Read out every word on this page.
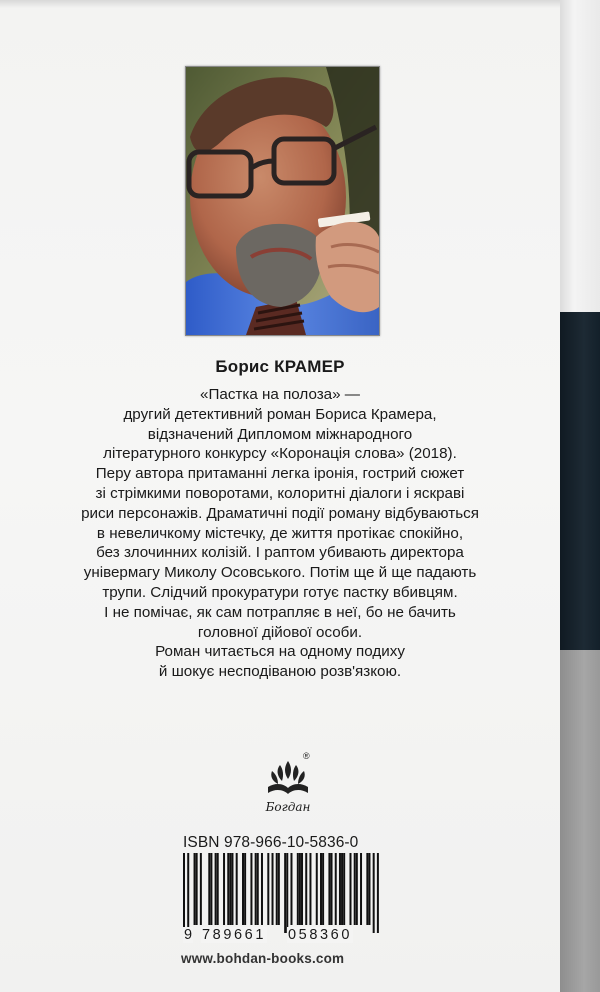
Борис КРАМЕР
«Пастка на полоза» —
другий детективний роман Бориса Крамера,
відзначений Дипломом міжнародного
літературного конкурсу «Коронація слова» (2018).
Перу автора притаманні легка іронія, гострий сюжет
зі стрімкими поворотами, колоритні діалоги і яскраві
риси персонажів. Драматичні події роману відбуваються
в невеличкому містечку, де життя протікає спокійно,
без злочинних колізій. І раптом убивають директора
універмагу Миколу Осовського. Потім ще й ще падають
трупи. Слідчий прокуратури готує пастку вбивцям.
І не помічає, як сам потрапляє в неї, бо не бачить
головної дійової особи.
Роман читається на одному подиху
й шокує несподіваною розв'язкою.
Богдан
®
ISBN 978-966-10-5836-0
9 789661 058360
www.bohdan-books.com
